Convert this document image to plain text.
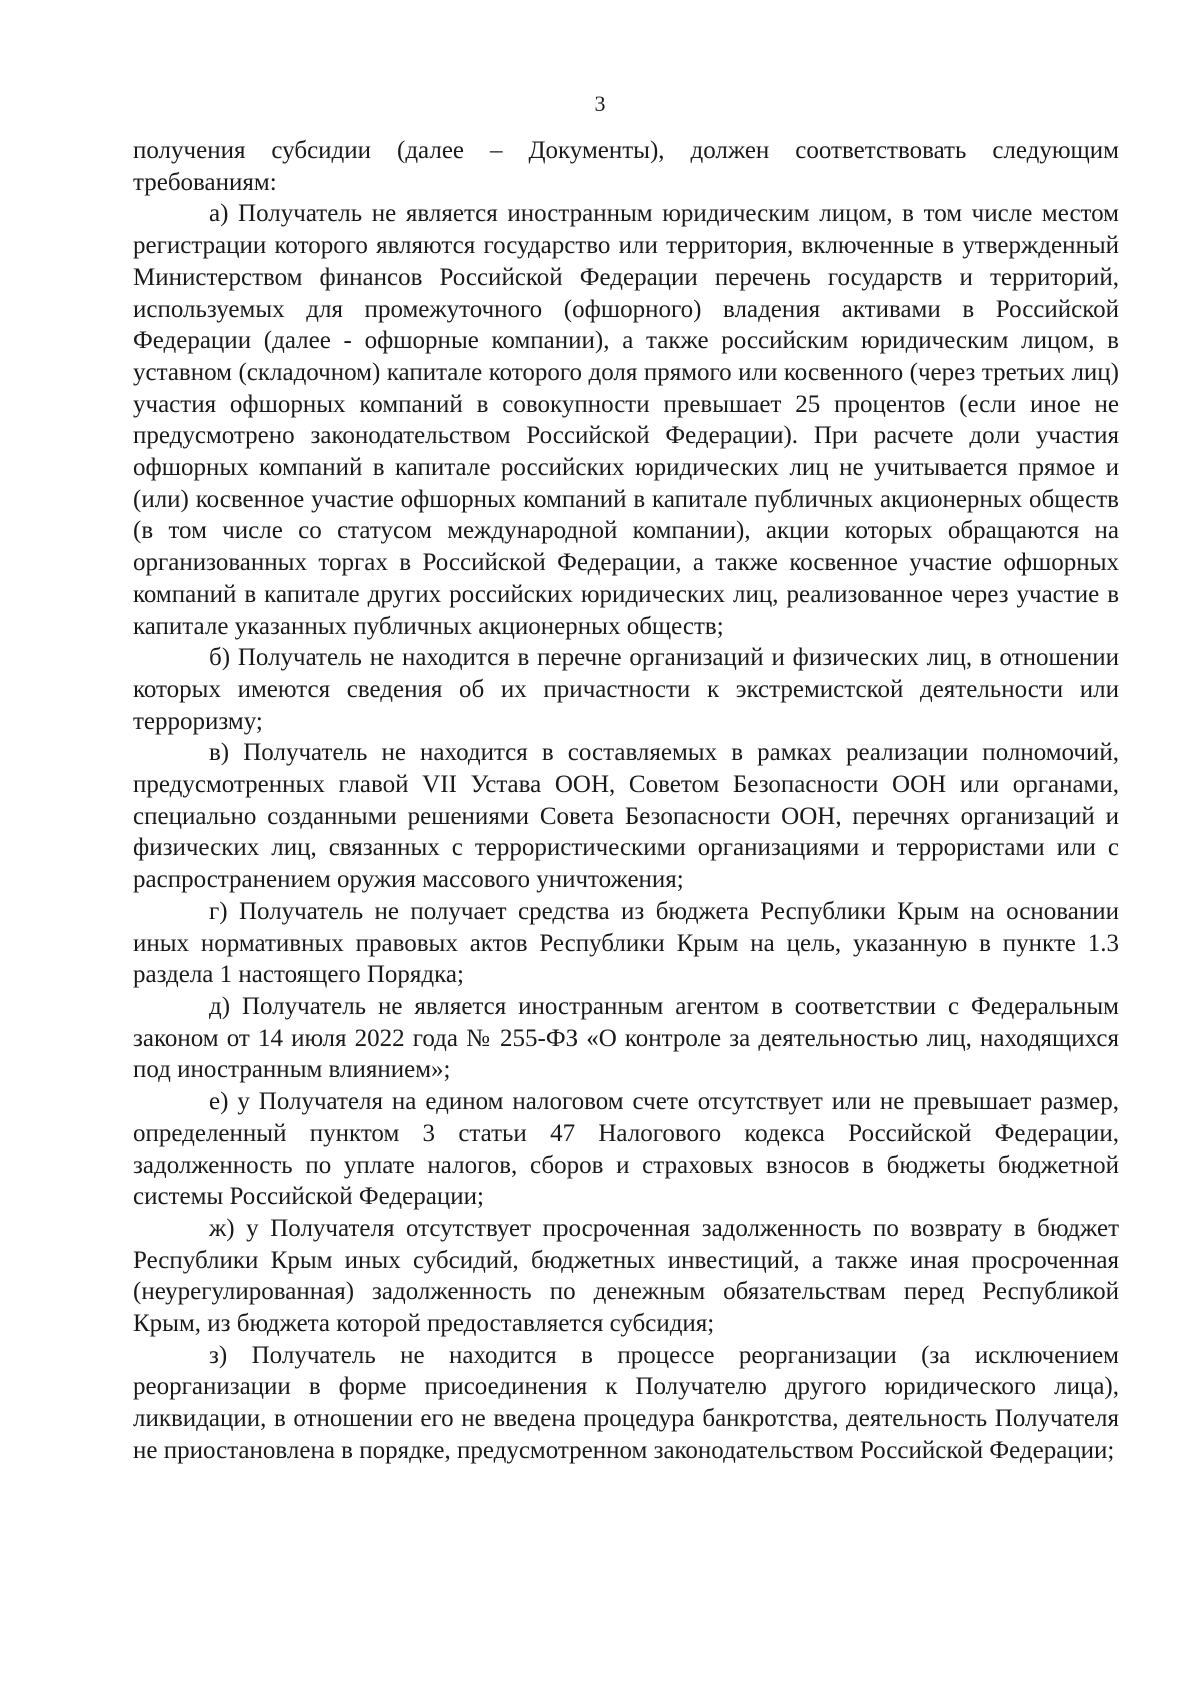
3

получения субсидии (далее – Документы), должен соответствовать следующим требованиям:

а) Получатель не является иностранным юридическим лицом, в том числе местом регистрации которого являются государство или территория, включенные в утвержденный Министерством финансов Российской Федерации перечень государств и территорий, используемых для промежуточного (офшорного) владения активами в Российской Федерации (далее - офшорные компании), а также российским юридическим лицом, в уставном (складочном) капитале которого доля прямого или косвенного (через третьих лиц) участия офшорных компаний в совокупности превышает 25 процентов (если иное не предусмотрено законодательством Российской Федерации). При расчете доли участия офшорных компаний в капитале российских юридических лиц не учитывается прямое и (или) косвенное участие офшорных компаний в капитале публичных акционерных обществ (в том числе со статусом международной компании), акции которых обращаются на организованных торгах в Российской Федерации, а также косвенное участие офшорных компаний в капитале других российских юридических лиц, реализованное через участие в капитале указанных публичных акционерных обществ;

б) Получатель не находится в перечне организаций и физических лиц, в отношении которых имеются сведения об их причастности к экстремистской деятельности или терроризму;

в) Получатель не находится в составляемых в рамках реализации полномочий, предусмотренных главой VII Устава ООН, Советом Безопасности ООН или органами, специально созданными решениями Совета Безопасности ООН, перечнях организаций и физических лиц, связанных с террористическими организациями и террористами или с распространением оружия массового уничтожения;

г) Получатель не получает средства из бюджета Республики Крым на основании иных нормативных правовых актов Республики Крым на цель, указанную в пункте 1.3 раздела 1 настоящего Порядка;

д) Получатель не является иностранным агентом в соответствии с Федеральным законом от 14 июля 2022 года № 255-ФЗ «О контроле за деятельностью лиц, находящихся под иностранным влиянием»;

е) у Получателя на едином налоговом счете отсутствует или не превышает размер, определенный пунктом 3 статьи 47 Налогового кодекса Российской Федерации, задолженность по уплате налогов, сборов и страховых взносов в бюджеты бюджетной системы Российской Федерации;

ж) у Получателя отсутствует просроченная задолженность по возврату в бюджет Республики Крым иных субсидий, бюджетных инвестиций, а также иная просроченная (неурегулированная) задолженность по денежным обязательствам перед Республикой Крым, из бюджета которой предоставляется субсидия;

з) Получатель не находится в процессе реорганизации (за исключением реорганизации в форме присоединения к Получателю другого юридического лица), ликвидации, в отношении его не введена процедура банкротства, деятельность Получателя не приостановлена в порядке, предусмотренном законодательством Российской Федерации;
